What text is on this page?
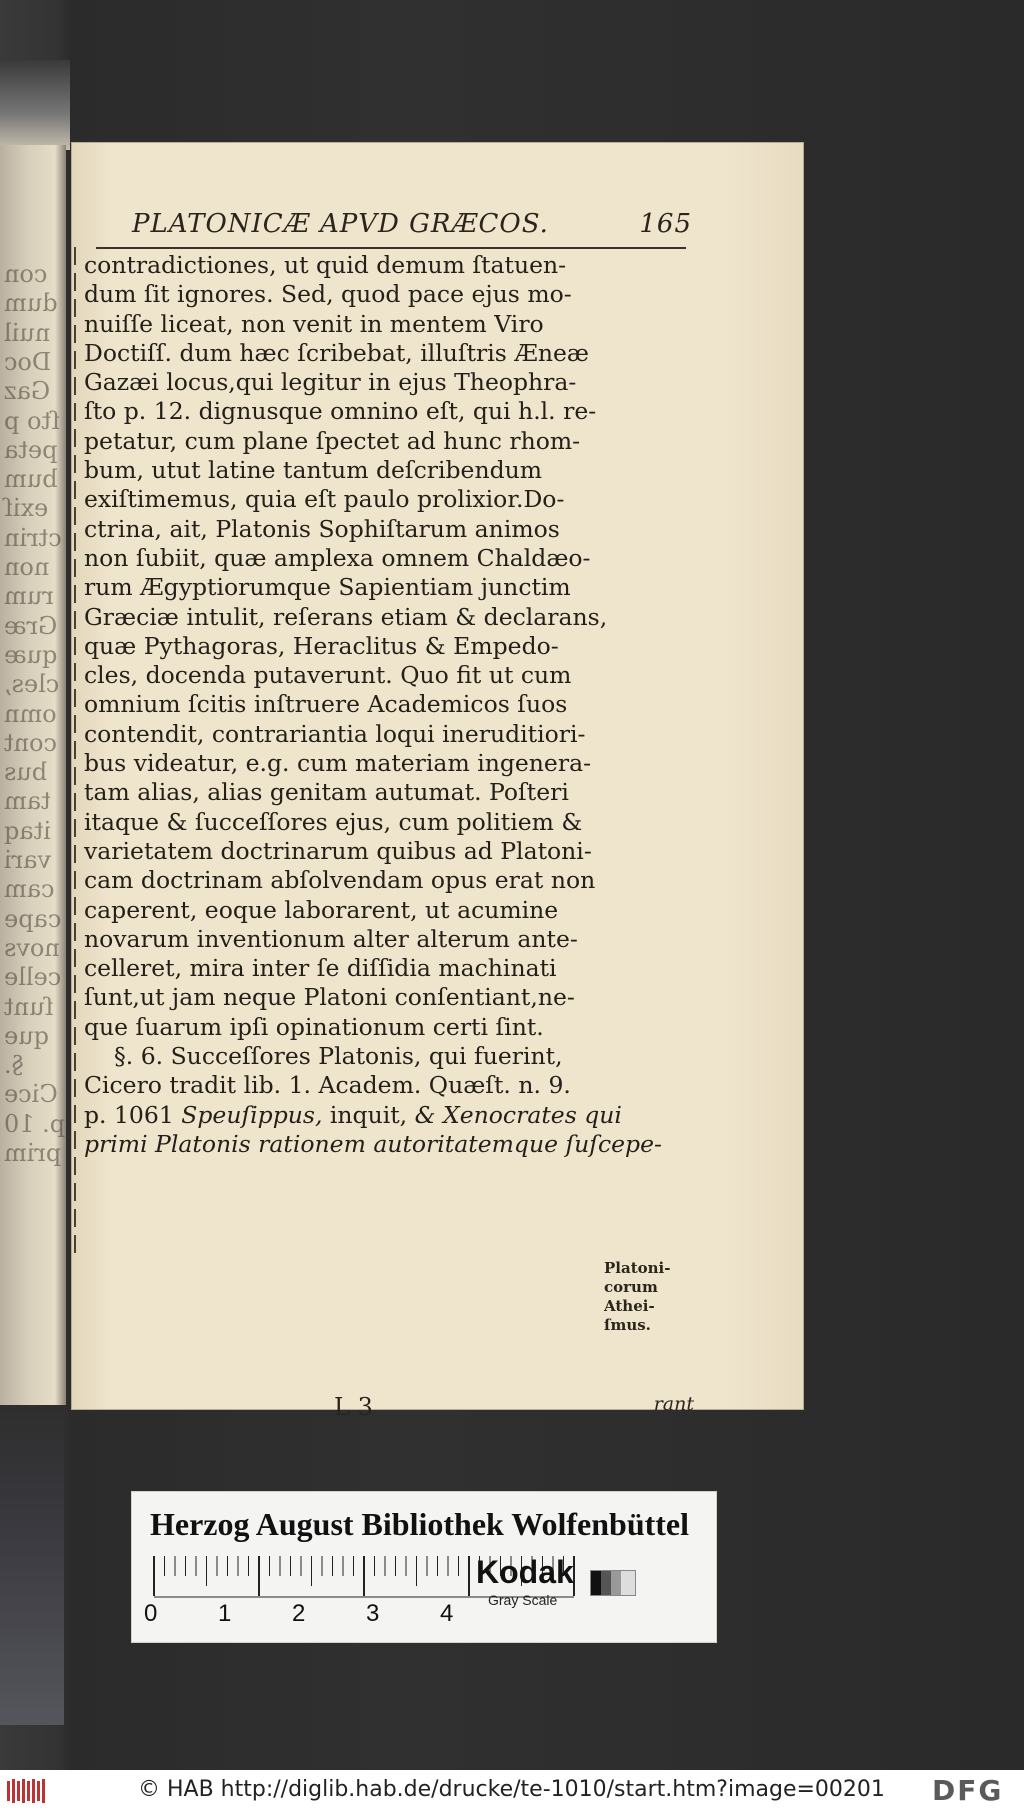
con
dum
nuil
Doc
Gaz
ſto p
peta
bum
exiſ
ctrin
non
rum
Græ
quæ
cles,
omn
cont
bus
tam
itaq
vari
cam
cape
novs
celle
ſunt
que
§.
Cice
p. 10
prim
PLATONICÆ APVD GRÆCOS.	165
contradictiones, ut quid demum ſtatuen-
dum ſit ignores. Sed, quod pace ejus mo-
nuiſſe liceat, non venit in mentem Viro
Doctiſſ. dum hæc ſcribebat, illuſtris Æneæ
Gazæi locus,qui legitur in ejus Theophra-
ſto p. 12. dignusque omnino eſt, qui h.l. re-
petatur, cum plane ſpectet ad hunc rhom-
bum, utut latine tantum deſcribendum
exiſtimemus, quia eſt paulo prolixior.Do-
ctrina, ait, Platonis Sophiſtarum animos
non ſubiit, quæ amplexa omnem Chaldæo-
rum Ægyptiorumque Sapientiam junctim
Græciæ intulit, reſerans etiam & declarans,
quæ Pythagoras, Heraclitus & Empedo-
cles, docenda putaverunt. Quo fit ut cum
omnium ſcitis inſtruere Academicos ſuos
contendit, contrariantia loqui ineruditiori-
bus videatur, e.g. cum materiam ingenera-
tam alias, alias genitam autumat. Poſteri
itaque & ſucceſſores ejus, cum politiem &
varietatem doctrinarum quibus ad Platoni-
cam doctrinam abſolvendam opus erat non
caperent, eoque laborarent, ut acumine
novarum inventionum alter alterum ante-
celleret, mira inter ſe diſſidia machinati
ſunt,ut jam neque Platoni conſentiant,ne-
que ſuarum ipſi opinationum certi ſint.
§. 6. Succeſſores Platonis, qui fuerint,
Cicero tradit lib. 1. Academ. Quæſt. n. 9.
p. 1061 Speuſippus, inquit, & Xenocrates qui
primi Platonis rationem autoritatemque ſuſcepe-
Platoni-
corum
Athei-
ſmus.
L 3	rant
Herzog August Bibliothek Wolfenbüttel
0	1	2	3	4
Kodak
Gray Scale
© HAB http://diglib.hab.de/drucke/te-1010/start.htm?image=00201 DFG
